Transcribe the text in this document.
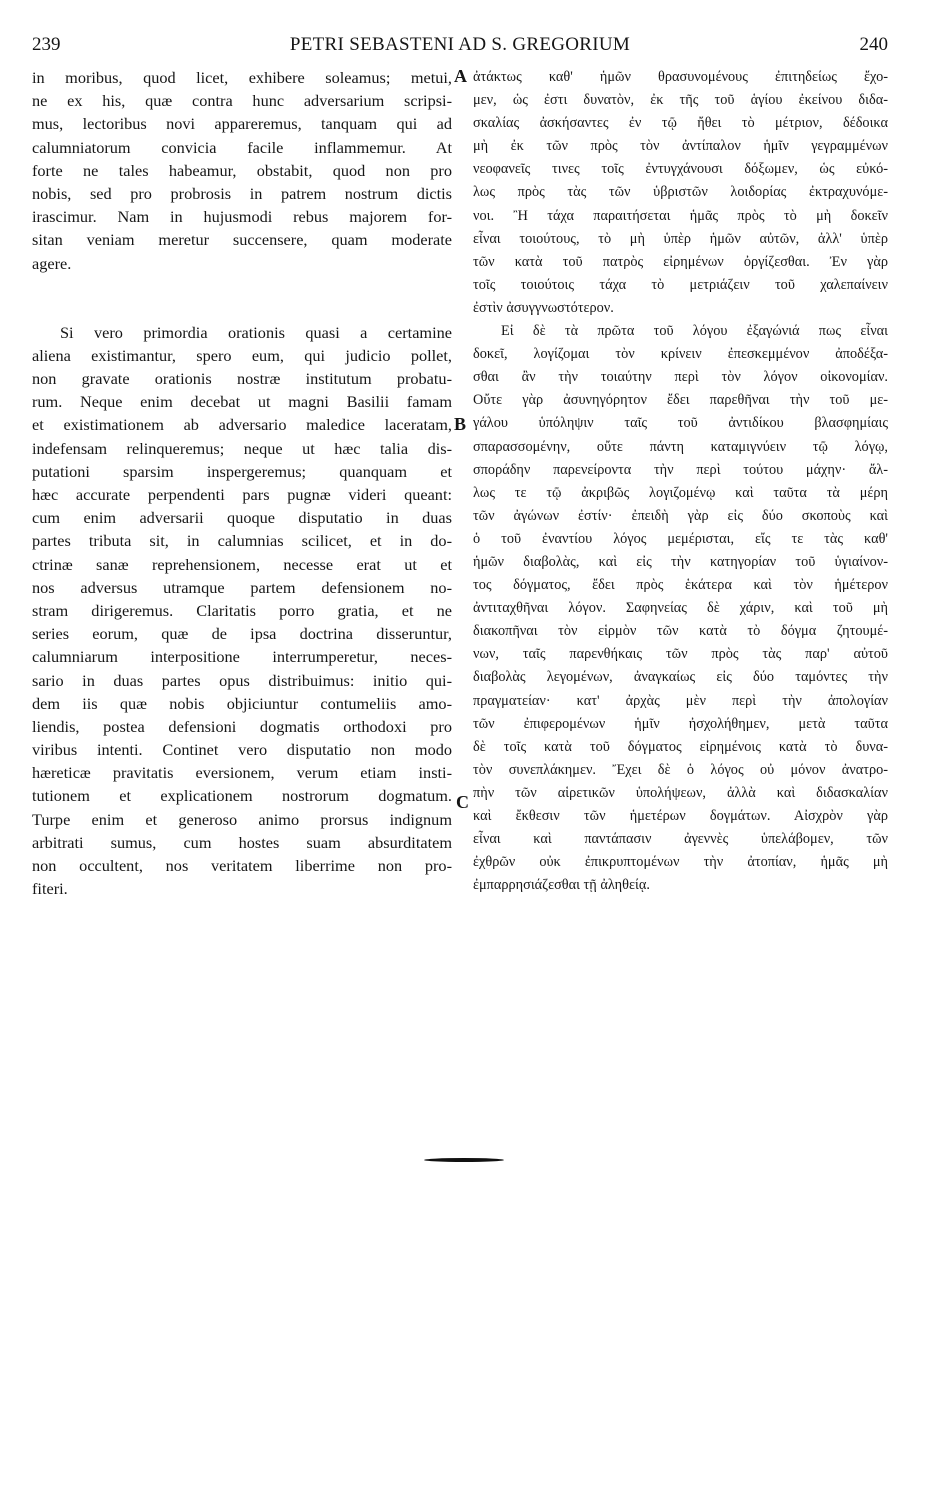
239	PETRI SEBASTENI AD S. GREGORIUM	240
in moribus, quod licet, exhibere soleamus; metui,
ne ex his, quæ contra hunc adversarium scripsi-
mus, lectoribus novi appareremus, tanquam qui ad
calumniatorum convicia facile inflammemur. At
forte ne tales habeamur, obstabit, quod non pro
nobis, sed pro probrosis in patrem nostrum dictis
irascimur. Nam in hujusmodi rebus majorem for-
sitan veniam meretur succensere, quam moderate
agere.
Si vero primordia orationis quasi a certamine
aliena existimantur, spero eum, qui judicio pollet,
non gravate orationis nostræ institutum probatu-
rum. Neque enim decebat ut magni Basilii famam
et existimationem ab adversario maledice laceratam,
indefensam relinqueremus; neque ut hæc talia dis-
putationi sparsim inspergeremus; quanquam et
hæc accurate perpendenti pars pugnæ videri queant:
cum enim adversarii quoque disputatio in duas
partes tributa sit, in calumnias scilicet, et in do-
ctrinæ sanæ reprehensionem, necesse erat ut et
nos adversus utramque partem defensionem no-
stram dirigeremus. Claritatis porro gratia, et ne
series eorum, quæ de ipsa doctrina disseruntur,
calumniarum interpositione interrumperetur, neces-
sario in duas partes opus distribuimus: initio qui-
dem iis quæ nobis objiciuntur contumeliis amo-
liendis, postea defensioni dogmatis orthodoxi pro
viribus intenti. Continet vero disputatio non modo
hæreticæ pravitatis eversionem, verum etiam insti-
tutionem et explicationem nostrorum dogmatum.
Turpe enim et generoso animo prorsus indignum
arbitrati sumus, cum hostes suam absurditatem
non occultent, nos veritatem liberrime non pro-
fiteri.
A
B
C
ἀτάκτως καθ' ἡμῶν θρασυνομένους ἐπιτηδείως ἔχο-
μεν, ὡς ἐστι δυνατὸν, ἐκ τῆς τοῦ ἁγίου ἐκείνου διδα-
σκαλίας ἀσκήσαντες ἐν τῷ ἤθει τὸ μέτριον, δέδοικα
μὴ ἐκ τῶν πρὸς τὸν ἀντίπαλον ἡμῖν γεγραμμένων
νεοφανεῖς τινες τοῖς ἐντυγχάνουσι δόξωμεν, ὡς εὐκό-
λως πρὸς τὰς τῶν ὑβριστῶν λοιδορίας ἐκτραχυνόμε-
νοι. Ἢ τάχα παραιτήσεται ἡμᾶς πρὸς τὸ μὴ δοκεῖν
εἶναι τοιούτους, τὸ μὴ ὑπὲρ ἡμῶν αὐτῶν, ἀλλ' ὑπὲρ
τῶν κατὰ τοῦ πατρὸς εἰρημένων ὀργίζεσθαι. Ἐν γὰρ
τοῖς τοιούτοις τάχα τὸ μετριάζειν τοῦ χαλεπαίνειν
ἐστὶν ἀσυγγνωστότερον.
Εἰ δὲ τὰ πρῶτα τοῦ λόγου ἐξαγώνιά πως εἶναι
δοκεῖ, λογίζομαι τὸν κρίνειν ἐπεσκεμμένον ἀποδέξα-
σθαι ἂν τὴν τοιαύτην περὶ τὸν λόγον οἰκονομίαν.
Οὔτε γὰρ ἀσυνηγόρητον ἔδει παρεθῆναι τὴν τοῦ με-
γάλου ὑπόληψιν ταῖς τοῦ ἀντιδίκου βλασφημίαις
σπαρασσομένην, οὔτε πάντη καταμιγνύειν τῷ λόγῳ,
σποράδην παρενείροντα τὴν περὶ τούτου μάχην· ἄλ-
λως τε τῷ ἀκριβῶς λογιζομένῳ καὶ ταῦτα τὰ μέρη
τῶν ἀγώνων ἐστίν· ἐπειδὴ γὰρ εἰς δύο σκοποὺς καὶ
ὁ τοῦ ἐναντίου λόγος μεμέρισται, εἴς τε τὰς καθ'
ἡμῶν διαβολὰς, καὶ εἰς τὴν κατηγορίαν τοῦ ὑγιαίνον-
τος δόγματος, ἔδει πρὸς ἑκάτερα καὶ τὸν ἡμέτερον
ἀντιταχθῆναι λόγον. Σαφηνείας δὲ χάριν, καὶ τοῦ μὴ
διακοπῆναι τὸν εἱρμὸν τῶν κατὰ τὸ δόγμα ζητουμέ-
νων, ταῖς παρενθήκαις τῶν πρὸς τὰς παρ' αὐτοῦ
διαβολὰς λεγομένων, ἀναγκαίως εἰς δύο ταμόντες τὴν
πραγματείαν· κατ' ἀρχὰς μὲν περὶ τὴν ἀπολογίαν
τῶν ἐπιφερομένων ἡμῖν ἠσχολήθημεν, μετὰ ταῦτα
δὲ τοῖς κατὰ τοῦ δόγματος εἰρημένοις κατὰ τὸ δυνα-
τὸν συνεπλάκημεν. Ἔχει δὲ ὁ λόγος οὐ μόνον ἀνατρο-
πὴν τῶν αἱρετικῶν ὑπολήψεων, ἀλλὰ καὶ διδασκαλίαν
καὶ ἔκθεσιν τῶν ἡμετέρων δογμάτων. Αἰσχρὸν γὰρ
εἶναι καὶ παντάπασιν ἀγεννὲς ὑπελάβομεν, τῶν
ἐχθρῶν οὐκ ἐπικρυπτομένων τὴν ἀτοπίαν, ἡμᾶς μὴ
ἐμπαρρησιάζεσθαι τῇ ἀληθείᾳ.
